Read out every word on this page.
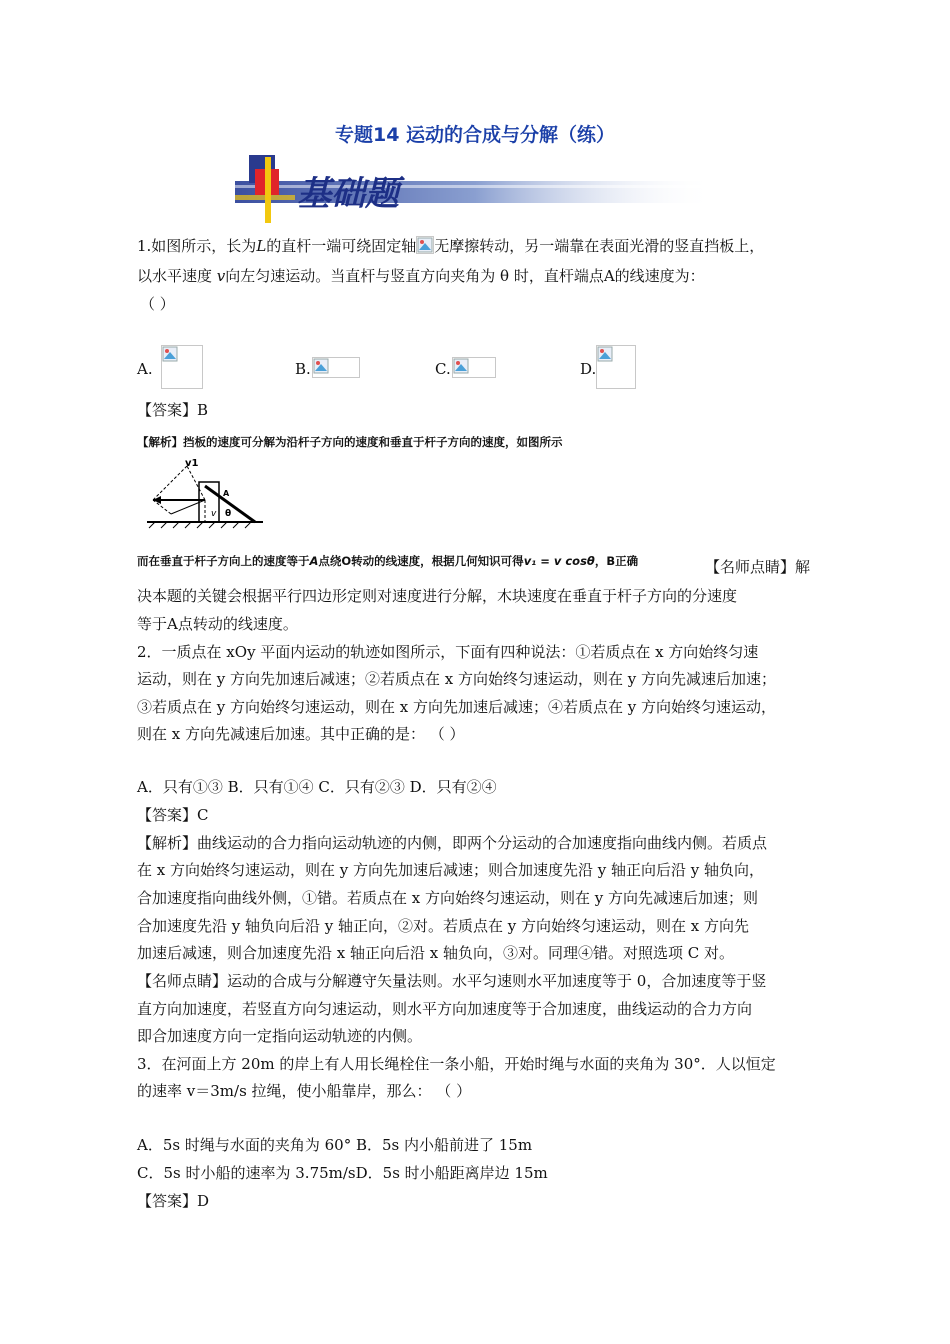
专题14 运动的合成与分解（练）
基础题
1.如图所示，长为L的直杆一端可绕固定轴 无摩擦转动，另一端靠在表面光滑的竖直挡板上，
以水平速度 v向左匀速运动。当直杆与竖直方向夹角为 θ 时，直杆端点A的线速度为：
（ ）
A.	B.	C.	D.
【答案】B
【解析】挡板的速度可分解为沿杆子方向的速度和垂直于杆子方向的速度，如图所示
v1
A
θ
v
而在垂直于杆子方向上的速度等于A点绕O转动的线速度，根据几何知识可得v₁ = v cosθ，B正确	【名师点睛】解
决本题的关键会根据平行四边形定则对速度进行分解，木块速度在垂直于杆子方向的分速度
等于A点转动的线速度。
2．一质点在 xOy 平面内运动的轨迹如图所示，下面有四种说法：①若质点在 x 方向始终匀速
运动，则在 y 方向先加速后减速；②若质点在 x 方向始终匀速运动，则在 y 方向先减速后加速；
③若质点在 y 方向始终匀速运动，则在 x 方向先加速后减速；④若质点在 y 方向始终匀速运动，
则在 x 方向先减速后加速。其中正确的是： （ ）
A．只有①③ B．只有①④ C．只有②③ D．只有②④
【答案】C
【解析】曲线运动的合力指向运动轨迹的内侧，即两个分运动的合加速度指向曲线内侧。若质点
在 x 方向始终匀速运动，则在 y 方向先加速后减速；则合加速度先沿 y 轴正向后沿 y 轴负向，
合加速度指向曲线外侧，①错。若质点在 x 方向始终匀速运动，则在 y 方向先减速后加速；则
合加速度先沿 y 轴负向后沿 y 轴正向，②对。若质点在 y 方向始终匀速运动，则在 x 方向先
加速后减速，则合加速度先沿 x 轴正向后沿 x 轴负向，③对。同理④错。对照选项 C 对。
【名师点睛】运动的合成与分解遵守矢量法则。水平匀速则水平加速度等于 0，合加速度等于竖
直方向加速度，若竖直方向匀速运动，则水平方向加速度等于合加速度，曲线运动的合力方向
即合加速度方向一定指向运动轨迹的内侧。
3．在河面上方 20m 的岸上有人用长绳栓住一条小船，开始时绳与水面的夹角为 30°．人以恒定
的速率 v＝3m/s 拉绳，使小船靠岸，那么： （ ）
A．5s 时绳与水面的夹角为 60° B．5s 内小船前进了 15m
C．5s 时小船的速率为 3.75m/sD．5s 时小船距离岸边 15m
【答案】D
